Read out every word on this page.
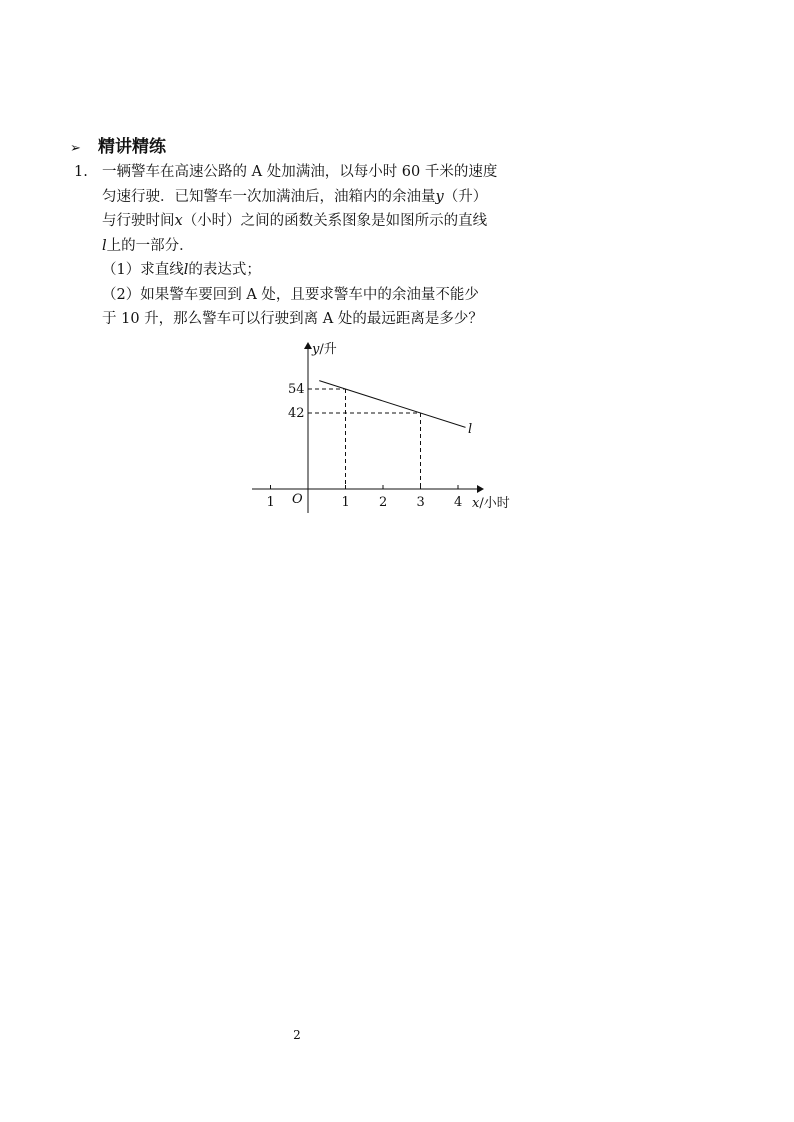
➢ 精讲精练
1. 一辆警车在高速公路的 A 处加满油，以每小时 60 千米的速度
匀速行驶．已知警车一次加满油后，油箱内的余油量y（升）
与行驶时间x（小时）之间的函数关系图象是如图所示的直线
l上的一部分．
（1）求直线l的表达式；
（2）如果警车要回到 A 处，且要求警车中的余油量不能少
于 10 升，那么警车可以行驶到离 A 处的最远距离是多少？
1	1 2 3 4
y/升
x/小时
O
l
54
42
2
